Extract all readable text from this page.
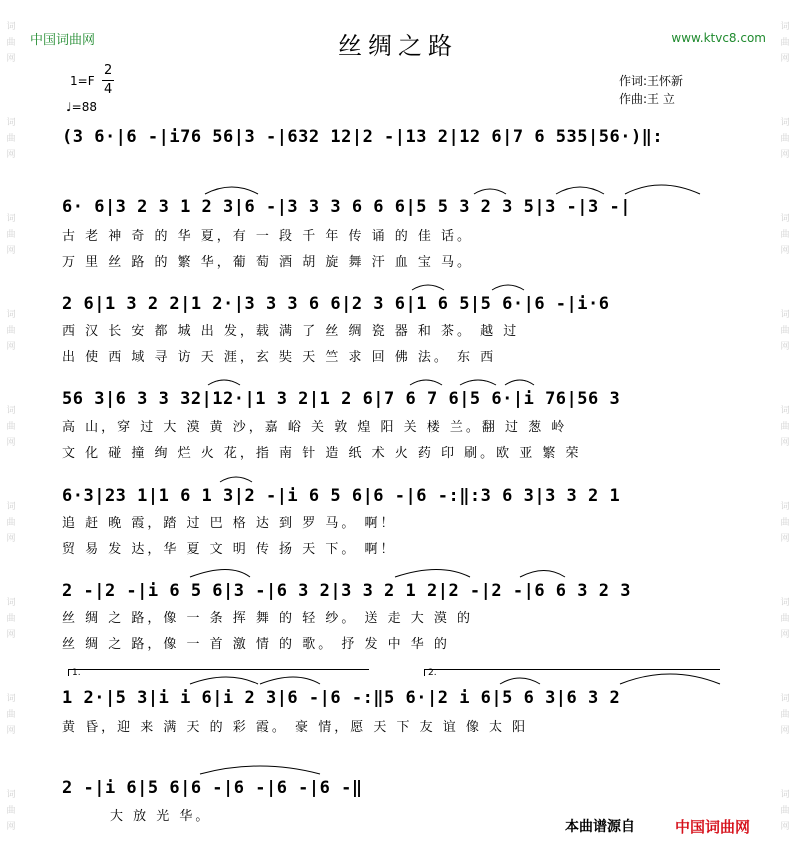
词
曲
网
词
曲
网
词
曲
网
词
曲
网
词
曲
网
词
曲
网
词
曲
网
词
曲
网
词
曲
网
词
曲
网
词
曲
网
词
曲
网
词
曲
网
词
曲
网
词
曲
网
词
曲
网
词
曲
网
词
曲
网
中国词曲网	www.ktvc8.com
丝绸之路
1=F
2
4
♩=88
作词:王怀新
作曲:王 立
(3 6·|6 -|i76 56|3 -|632 12|2 -|13 2|12 6|7 6 535|56·)‖:
6· 6|3 2 3 1 2 3|6 -|3 3 3 6 6 6|5 5 3 2 3 5|3 -|3 -|
古 老 神 奇 的 华 夏，有 一 段 千 年 传 诵 的 佳 话。
万 里 丝 路 的 繁 华，葡 萄 酒 胡 旋 舞 汗 血 宝 马。
2 6|1 3 2 2|1 2·|3 3 3 6 6|2 3 6|1 6 5|5 6·|6 -|i·6
西 汉 长 安 都 城 出 发，载 满 了 丝 绸 瓷 器 和 茶。 越 过
出 使 西 域 寻 访 天 涯，玄 奘 天 竺 求 回 佛 法。 东 西
56 3|6 3 3 32|12·|1 3 2|1 2 6|7 6 7 6|5 6·|i 76|56 3
高 山，穿 过 大 漠 黄 沙，嘉 峪 关 敦 煌 阳 关 楼 兰。翻 过 葱 岭
文 化 碰 撞 绚 烂 火 花，指 南 针 造 纸 术 火 药 印 刷。欧 亚 繁 荣
6·3|23 1|1 6 1 3|2 -|i 6 5 6|6 -|6 -:‖:3 6 3|3 3 2 1
追 赶 晚 霞，踏 过 巴 格 达 到 罗 马。 啊！
贸 易 发 达，华 夏 文 明 传 扬 天 下。 啊！
2 -|2 -|i 6 5 6|3 -|6 3 2|3 3 2 1 2|2 -|2 -|6 6 3 2 3
丝 绸 之 路，像 一 条 挥 舞 的 轻 纱。 送 走 大 漠 的
丝 绸 之 路，像 一 首 激 情 的 歌。 抒 发 中 华 的
1.	2.
1 2·|5 3|i i 6|i 2 3|6 -|6 -:‖5 6·|2 i 6|5 6 3|6 3 2
黄 昏，迎 来 满 天 的 彩 霞。 豪 情，愿 天 下 友 谊 像 太 阳
2 -|i 6|5 6|6 -|6 -|6 -|6 -‖
大 放 光 华。
本曲谱源自	中国词曲网
